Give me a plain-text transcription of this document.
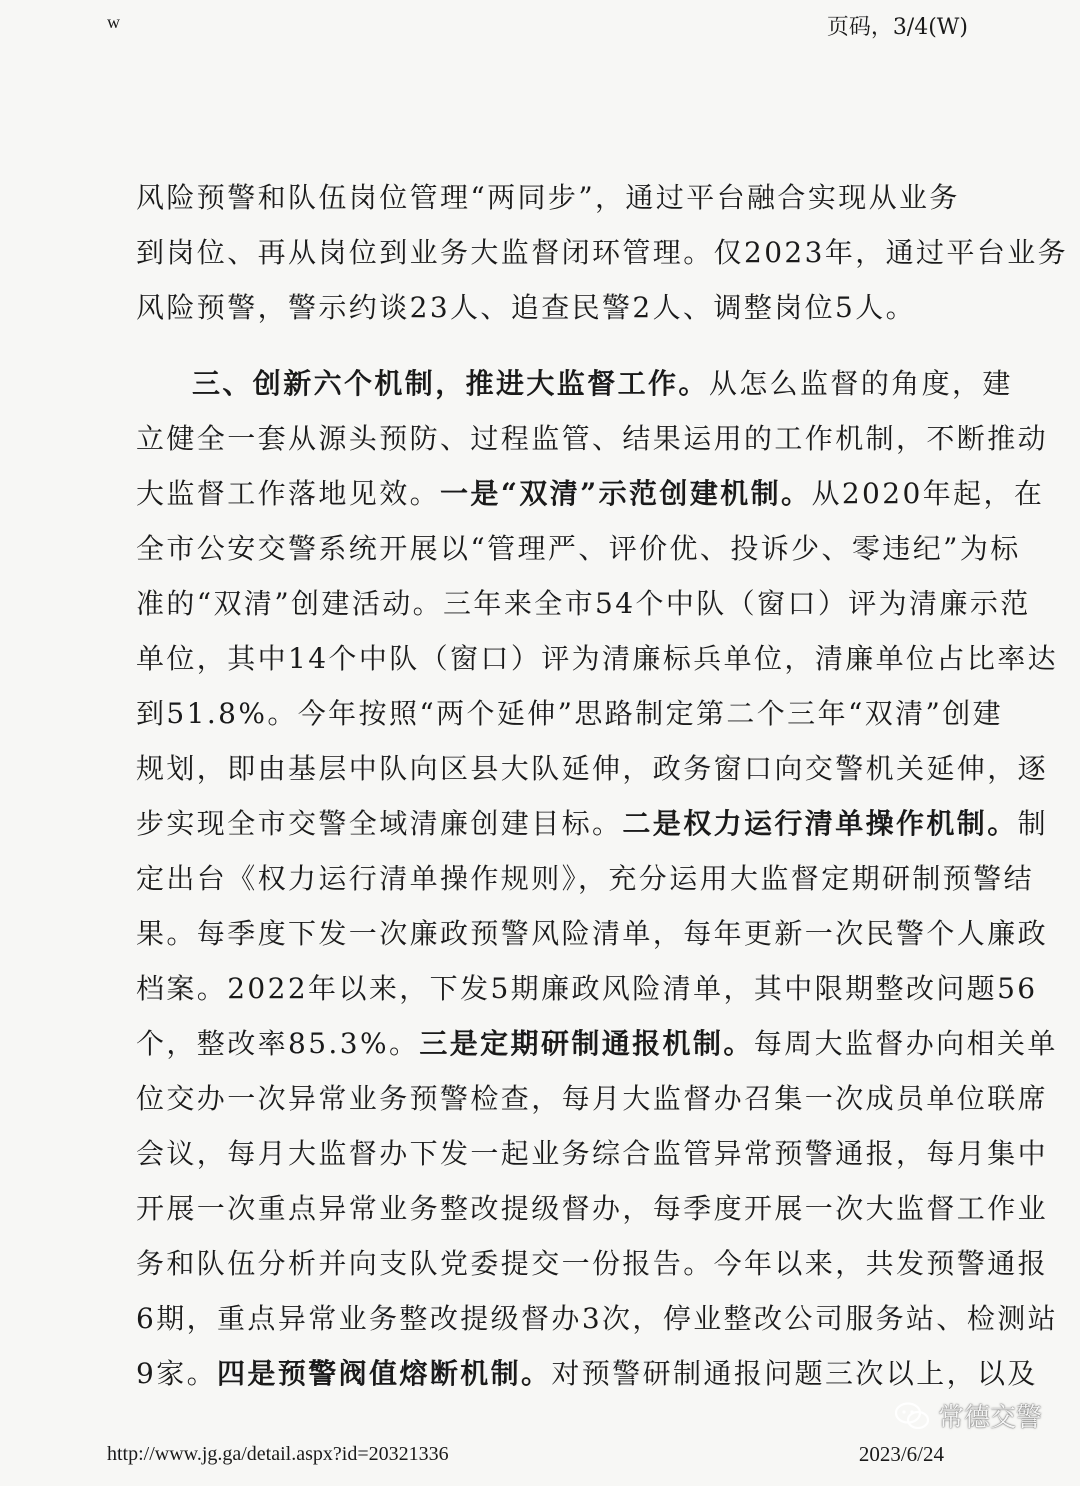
w	页码，3/4(W)
风险预警和队伍岗位管理“两同步”，通过平台融合实现从业务
到岗位、再从岗位到业务大监督闭环管理。仅2023年，通过平台业务
风险预警，警示约谈23人、追查民警2人、调整岗位5人。
三、创新六个机制，推进大监督工作。从怎么监督的角度，建
立健全一套从源头预防、过程监管、结果运用的工作机制，不断推动
大监督工作落地见效。一是“双清”示范创建机制。从2020年起，在
全市公安交警系统开展以“管理严、评价优、投诉少、零违纪”为标
准的“双清”创建活动。三年来全市54个中队（窗口）评为清廉示范
单位，其中14个中队（窗口）评为清廉标兵单位，清廉单位占比率达
到51.8%。今年按照“两个延伸”思路制定第二个三年“双清”创建
规划，即由基层中队向区县大队延伸，政务窗口向交警机关延伸，逐
步实现全市交警全域清廉创建目标。二是权力运行清单操作机制。制
定出台《权力运行清单操作规则》，充分运用大监督定期研制预警结
果。每季度下发一次廉政预警风险清单，每年更新一次民警个人廉政
档案。2022年以来，下发5期廉政风险清单，其中限期整改问题56
个，整改率85.3%。三是定期研制通报机制。每周大监督办向相关单
位交办一次异常业务预警检查，每月大监督办召集一次成员单位联席
会议，每月大监督办下发一起业务综合监管异常预警通报，每月集中
开展一次重点异常业务整改提级督办，每季度开展一次大监督工作业
务和队伍分析并向支队党委提交一份报告。今年以来，共发预警通报
6期，重点异常业务整改提级督办3次，停业整改公司服务站、检测站
9家。四是预警阀值熔断机制。对预警研制通报问题三次以上，以及
http://www.jg.ga/detail.aspx?id=20321336	2023/6/24
常德交警
